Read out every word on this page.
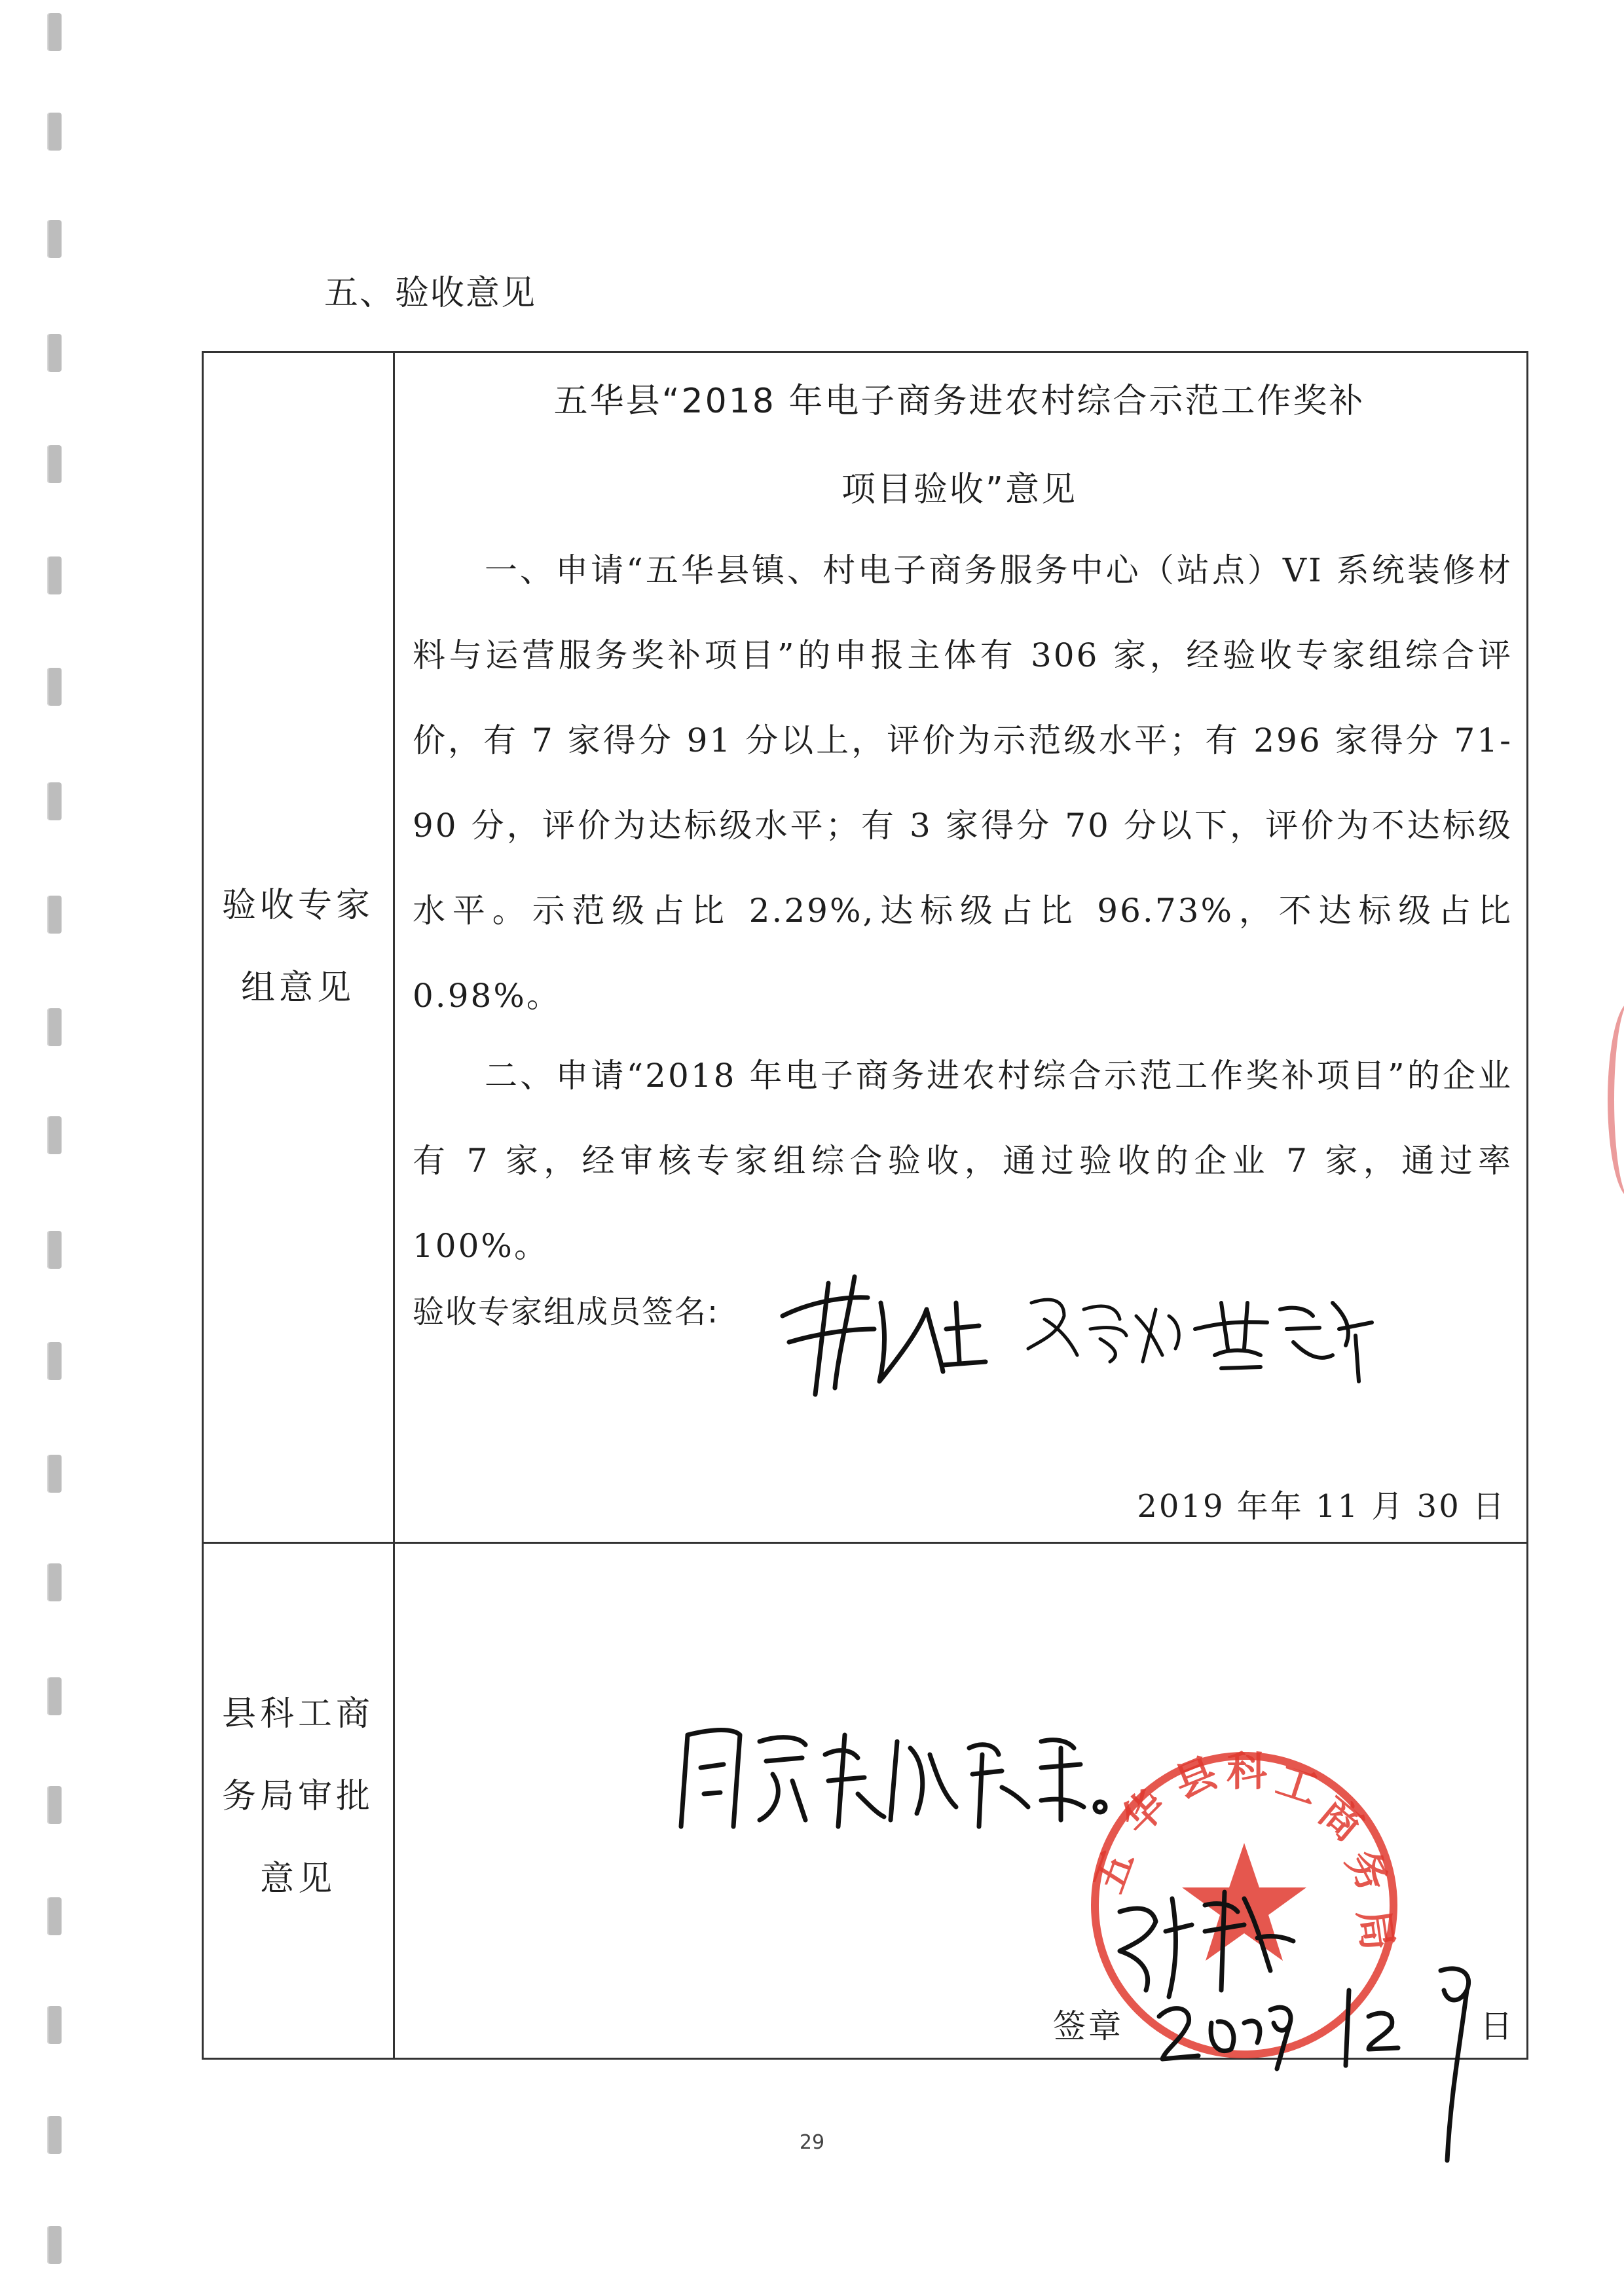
五、验收意见
验收专家
组意见
五华县“2018 年电子商务进农村综合示范工作奖补
项目验收”意见
一、申请“五华县镇、村电子商务服务中心（站点）VI 系统装修材料与运营服务奖补项目”的申报主体有 306 家，经验收专家组综合评价，有 7 家得分 91 分以上，评价为示范级水平；有 296 家得分 71-90 分，评价为达标级水平；有 3 家得分 70 分以下，评价为不达标级水平。示范级占比 2.29%,达标级占比 96.73%，不达标级占比 0.98%。
二、申请“2018 年电子商务进农村综合示范工作奖补项目”的企业有 7 家，经审核专家组综合验收，通过验收的企业 7 家，通过率 100%。
验收专家组成员签名:
2019 年年 11 月 30 日
县科工商
务局审批
意见	五
华
县 科 工
商
务
局
签章	日
29
